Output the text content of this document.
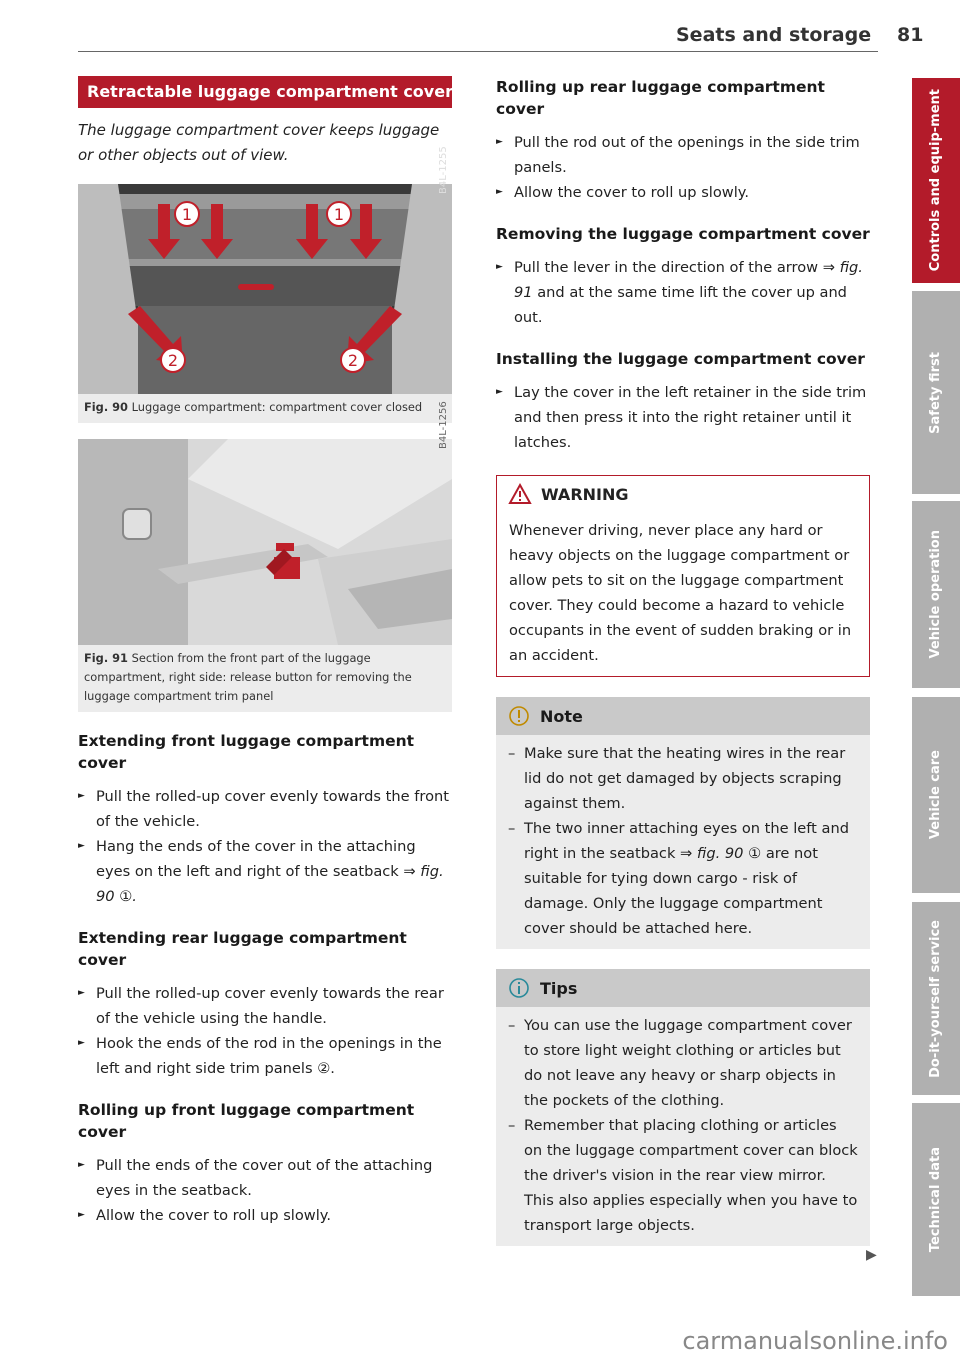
Seats and storage 81
Retractable luggage compartment cover

The luggage compartment cover keeps luggage or other objects out of view.

1	1
2	2
B4L-1255
Fig. 90 Luggage compartment: compartment cover closed	B4L-1256
Fig. 91 Section from the front part of the luggage compartment, right side: release button for removing the luggage compartment trim panel
Extending front luggage compartment cover
► Pull the rolled-up cover evenly towards the front of the vehicle.
► Hang the ends of the cover in the attaching eyes on the left and right of the seatback ⇒ fig. 90 ①.
Extending rear luggage compartment cover
► Pull the rolled-up cover evenly towards the rear of the vehicle using the handle.
► Hook the ends of the rod in the openings in the left and right side trim panels ②.
Rolling up front luggage compartment cover
► Pull the ends of the cover out of the attaching eyes in the seatback.
► Allow the cover to roll up slowly.
Rolling up rear luggage compartment cover
► Pull the rod out of the openings in the side trim panels.
► Allow the cover to roll up slowly.
Removing the luggage compartment cover
► Pull the lever in the direction of the arrow ⇒ fig. 91 and at the same time lift the cover up and out.
Installing the luggage compartment cover
► Lay the cover in the left retainer in the side trim and then press it into the right retainer until it latches.
WARNING
Whenever driving, never place any hard or heavy objects on the luggage compartment or allow pets to sit on the luggage compartment cover. They could become a hazard to vehicle occupants in the event of sudden braking or in an accident.
Note
– Make sure that the heating wires in the rear lid do not get damaged by objects scraping against them.
– The two inner attaching eyes on the left and right in the seatback ⇒ fig. 90 ① are not suitable for tying down cargo - risk of damage. Only the luggage compartment cover should be attached here.
Tips
– You can use the luggage compartment cover to store light weight clothing or articles but do not leave any heavy or sharp objects in the pockets of the clothing.
– Remember that placing clothing or articles on the luggage compartment cover can block the driver's vision in the rear view mirror. This also applies especially when you have to transport large objects.
▶
Controls and equip-ment
Safety first
Vehicle operation
Vehicle care
Do-it-yourself service
Technical data
carmanualsonline.info
